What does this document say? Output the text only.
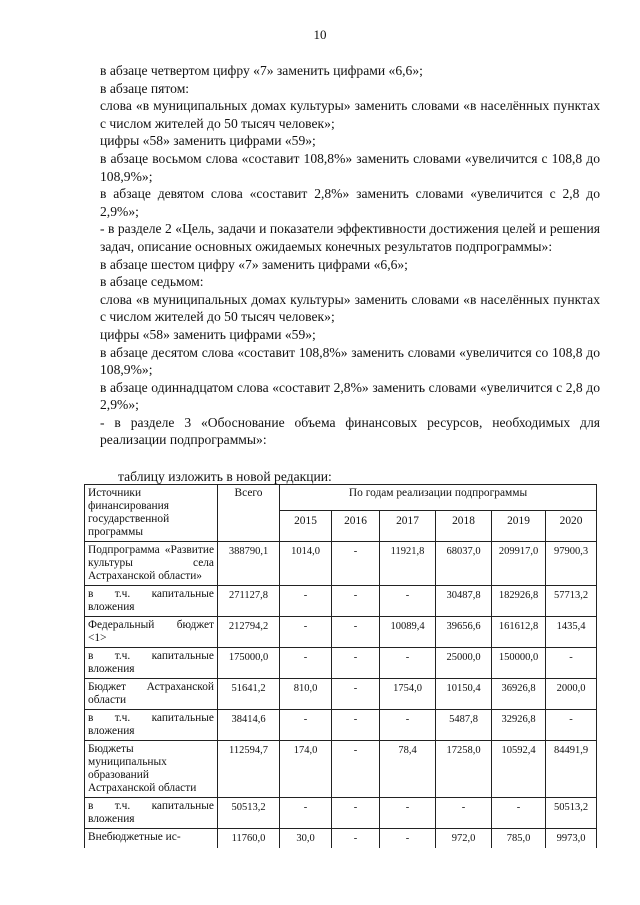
10

в абзаце четвертом цифру «7» заменить цифрами «6,6»;

в абзаце пятом:

слова «в муниципальных домах культуры» заменить словами «в населённых пунктах с числом жителей до 50 тысяч человек»;

цифры «58» заменить цифрами «59»;

в абзаце восьмом слова «составит 108,8%» заменить словами «увеличится с 108,8 до 108,9%»;

в абзаце девятом слова «составит 2,8%» заменить словами «увеличится с 2,8 до 2,9%»;

- в разделе 2 «Цель, задачи и показатели эффективности достижения целей и решения задач, описание основных ожидаемых конечных результатов подпрограммы»:

в абзаце шестом цифру «7» заменить цифрами «6,6»;

в абзаце седьмом:

слова «в муниципальных домах культуры» заменить словами «в населённых пунктах с числом жителей до 50 тысяч человек»;

цифры «58» заменить цифрами «59»;

в абзаце десятом слова «составит 108,8%» заменить словами «увеличится со 108,8 до 108,9%»;

в абзаце одиннадцатом слова «составит 2,8%» заменить словами «увеличится с 2,8 до 2,9%»;

- в разделе 3 «Обоснование объема финансовых ресурсов, необходимых для реализации подпрограммы»:

таблицу изложить в новой редакции:
Источники финансирования государственной программы	Всего	По годам реализации подпрограммы					
		2015	2016	2017	2018	2019	2020
Подпрограмма «Развитие культуры села Астраханской области»	388790,1	1014,0	-	11921,8	68037,0	209917,0	97900,3
в т.ч. капитальные вложения	271127,8	-	-	-	30487,8	182926,8	57713,2
Федеральный бюджет <1>	212794,2	-	-	10089,4	39656,6	161612,8	1435,4
в т.ч. капитальные вложения	175000,0	-	-	-	25000,0	150000,0	-
Бюджет Астраханской области	51641,2	810,0	-	1754,0	10150,4	36926,8	2000,0
в т.ч. капитальные вложения	38414,6	-	-	-	5487,8	32926,8	-
Бюджеты муниципальных образований Астраханской области	112594,7	174,0	-	78,4	17258,0	10592,4	84491,9
в т.ч. капитальные вложения	50513,2	-	-	-	-	-	50513,2
Внебюджетные ис-	11760,0	30,0	-	-	972,0	785,0	9973,0
